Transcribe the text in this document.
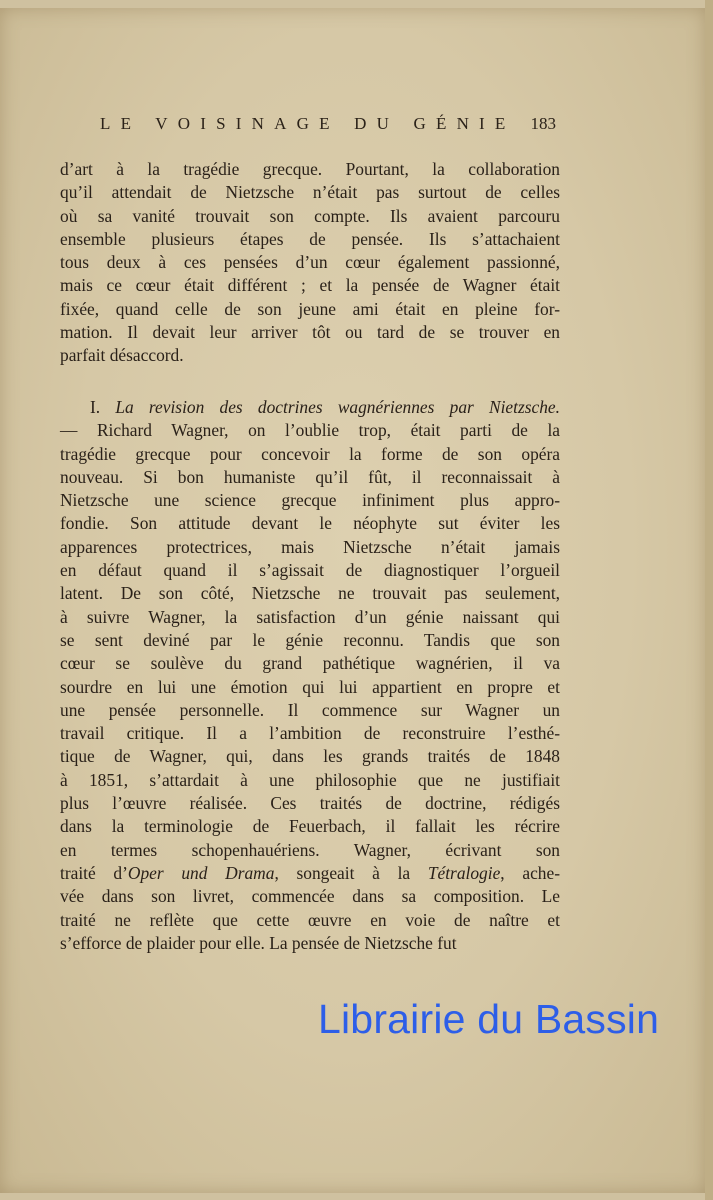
LE VOISINAGE DU GÉNIE 183
d’art à la tragédie grecque. Pourtant, la collaboration
qu’il attendait de Nietzsche n’était pas surtout de celles
où sa vanité trouvait son compte. Ils avaient parcouru
ensemble plusieurs étapes de pensée. Ils s’attachaient
tous deux à ces pensées d’un cœur également passionné,
mais ce cœur était différent ; et la pensée de Wagner était
fixée, quand celle de son jeune ami était en pleine for-
mation. Il devait leur arriver tôt ou tard de se trouver en
parfait désaccord.
I. La revision des doctrines wagnériennes par Nietzsche.
— Richard Wagner, on l’oublie trop, était parti de la
tragédie grecque pour concevoir la forme de son opéra
nouveau. Si bon humaniste qu’il fût, il reconnaissait à
Nietzsche une science grecque infiniment plus appro-
fondie. Son attitude devant le néophyte sut éviter les
apparences protectrices, mais Nietzsche n’était jamais
en défaut quand il s’agissait de diagnostiquer l’orgueil
latent. De son côté, Nietzsche ne trouvait pas seulement,
à suivre Wagner, la satisfaction d’un génie naissant qui
se sent deviné par le génie reconnu. Tandis que son
cœur se soulève du grand pathétique wagnérien, il va
sourdre en lui une émotion qui lui appartient en propre et
une pensée personnelle. Il commence sur Wagner un
travail critique. Il a l’ambition de reconstruire l’esthé-
tique de Wagner, qui, dans les grands traités de 1848
à 1851, s’attardait à une philosophie que ne justifiait
plus l’œuvre réalisée. Ces traités de doctrine, rédigés
dans la terminologie de Feuerbach, il fallait les récrire
en termes schopenhauériens. Wagner, écrivant son
traité d’Oper und Drama, songeait à la Tétralogie, ache-
vée dans son livret, commencée dans sa composition. Le
traité ne reflète que cette œuvre en voie de naître et
s’efforce de plaider pour elle. La pensée de Nietzsche fut
Librairie du Bassin
